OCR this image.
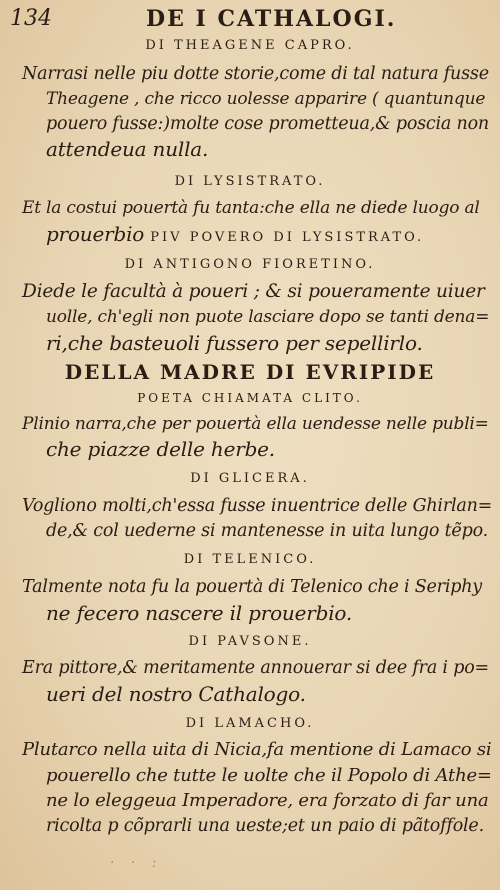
134	DE I CATHALOGI.
DI THEAGENE CAPRO.
Narrasi nelle piu dotte storie,come di tal natura fusse
Theagene , che ricco uolesse apparire ( quantunque
pouero fusse:)molte cose prometteua,& poscia non
attendeua nulla.
DI LYSISTRATO.
Et la costui pouertà fu tanta:che ella ne diede luogo al
prouerbio PIV POVERO DI LYSISTRATO.
DI ANTIGONO FIORETINO.
Diede le facultà à poueri ; & si poueramente uiuer
uolle, ch'egli non puote lasciare dopo se tanti dena=
ri,che basteuoli fussero per sepellirlo.
DELLA MADRE DI EVRIPIDE
POETA CHIAMATA CLITO.
Plinio narra,che per pouertà ella uendesse nelle publi=
che piazze delle herbe.
DI GLICERA.
Vogliono molti,ch'essa fusse inuentrice delle Ghirlan=
de,& col uederne si mantenesse in uita lungo tẽpo.
DI TELENICO.
Talmente nota fu la pouertà di Telenico che i Seriphy
ne fecero nascere il prouerbio.
DI PAVSONE.
Era pittore,& meritamente annouerar si dee fra i po=
ueri del nostro Cathalogo.
DI LAMACHO.
Plutarco nella uita di Nicia,fa mentione di Lamaco si
pouerello che tutte le uolte che il Popolo di Athe=
ne lo eleggeua Imperadore, era forzato di far una
ricolta p cõprarli una ueste;et un paio di pãtoffole.
· · :
